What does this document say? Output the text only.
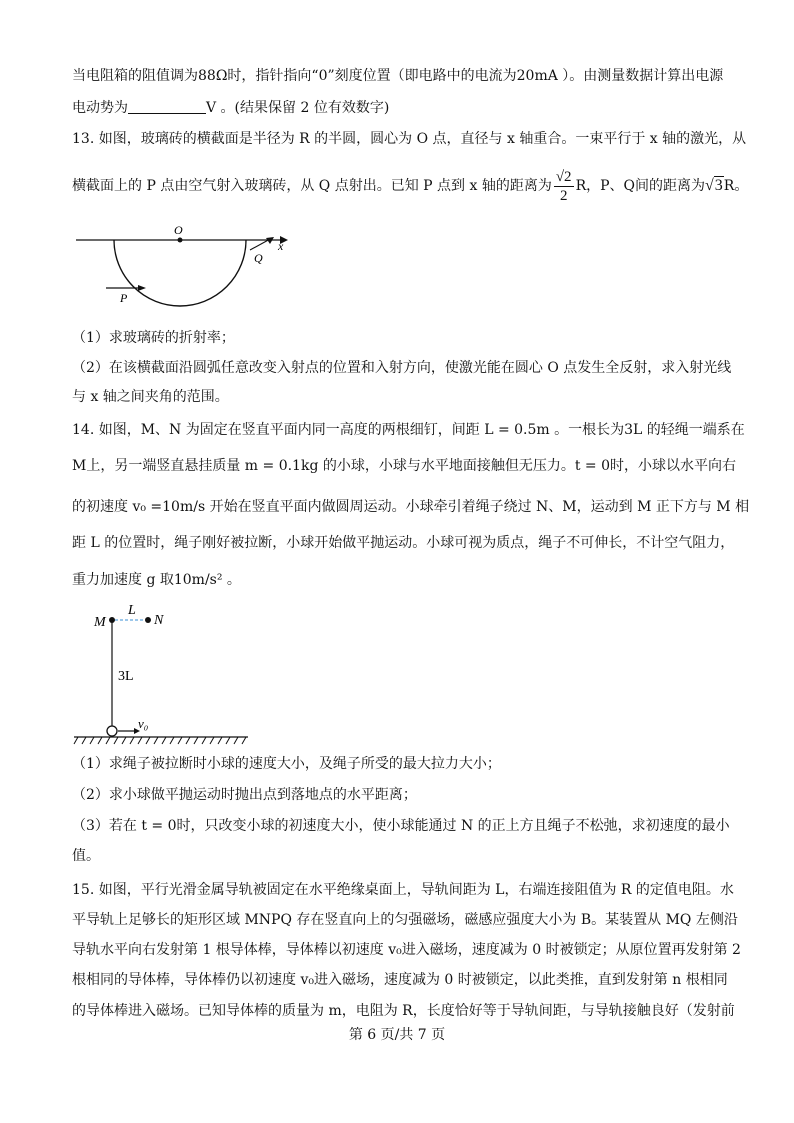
当电阻箱的阻值调为88Ω时，指针指向“0”刻度位置（即电路中的电流为20mA ）。由测量数据计算出电源
电动势为	V 。(结果保留 2 位有效数字)
13. 如图，玻璃砖的横截面是半径为 R 的半圆，圆心为 O 点，直径与 x 轴重合。一束平行于 x 轴的激光，从
横截面上的 P 点由空气射入玻璃砖，从 Q 点射出。已知 P 点到 x 轴的距离为 $\frac{√2}{2}$ R，P、Q间的距离为√3R。
O
x
P
Q
（1）求玻璃砖的折射率；
（2）在该横截面沿圆弧任意改变入射点的位置和入射方向，使激光能在圆心 O 点发生全反射，求入射光线
与 x 轴之间夹角的范围。
14. 如图，M、N 为固定在竖直平面内同一高度的两根细钉，间距 L = 0.5m 。一根长为3L 的轻绳一端系在
M上，另一端竖直悬挂质量 m = 0.1kg 的小球，小球与水平地面接触但无压力。t = 0时，小球以水平向右
的初速度 v₀ =10m/s 开始在竖直平面内做圆周运动。小球牵引着绳子绕过 N、M，运动到 M 正下方与 M 相
距 L 的位置时，绳子刚好被拉断，小球开始做平抛运动。小球可视为质点，绳子不可伸长，不计空气阻力，
重力加速度 g 取10m/s² 。
M	N
L
3L
v₀
（1）求绳子被拉断时小球的速度大小，及绳子所受的最大拉力大小；
（2）求小球做平抛运动时抛出点到落地点的水平距离；
（3）若在 t = 0时，只改变小球的初速度大小，使小球能通过 N 的正上方且绳子不松弛，求初速度的最小
值。
15. 如图，平行光滑金属导轨被固定在水平绝缘桌面上，导轨间距为 L，右端连接阻值为 R 的定值电阻。水
平导轨上足够长的矩形区域 MNPQ 存在竖直向上的匀强磁场，磁感应强度大小为 B。某装置从 MQ 左侧沿
导轨水平向右发射第 1 根导体棒，导体棒以初速度 v₀进入磁场，速度减为 0 时被锁定；从原位置再发射第 2
根相同的导体棒，导体棒仍以初速度 v₀进入磁场，速度减为 0 时被锁定，以此类推，直到发射第 n 根相同
的导体棒进入磁场。已知导体棒的质量为 m，电阻为 R，长度恰好等于导轨间距，与导轨接触良好（发射前
第 6 页/共 7 页
